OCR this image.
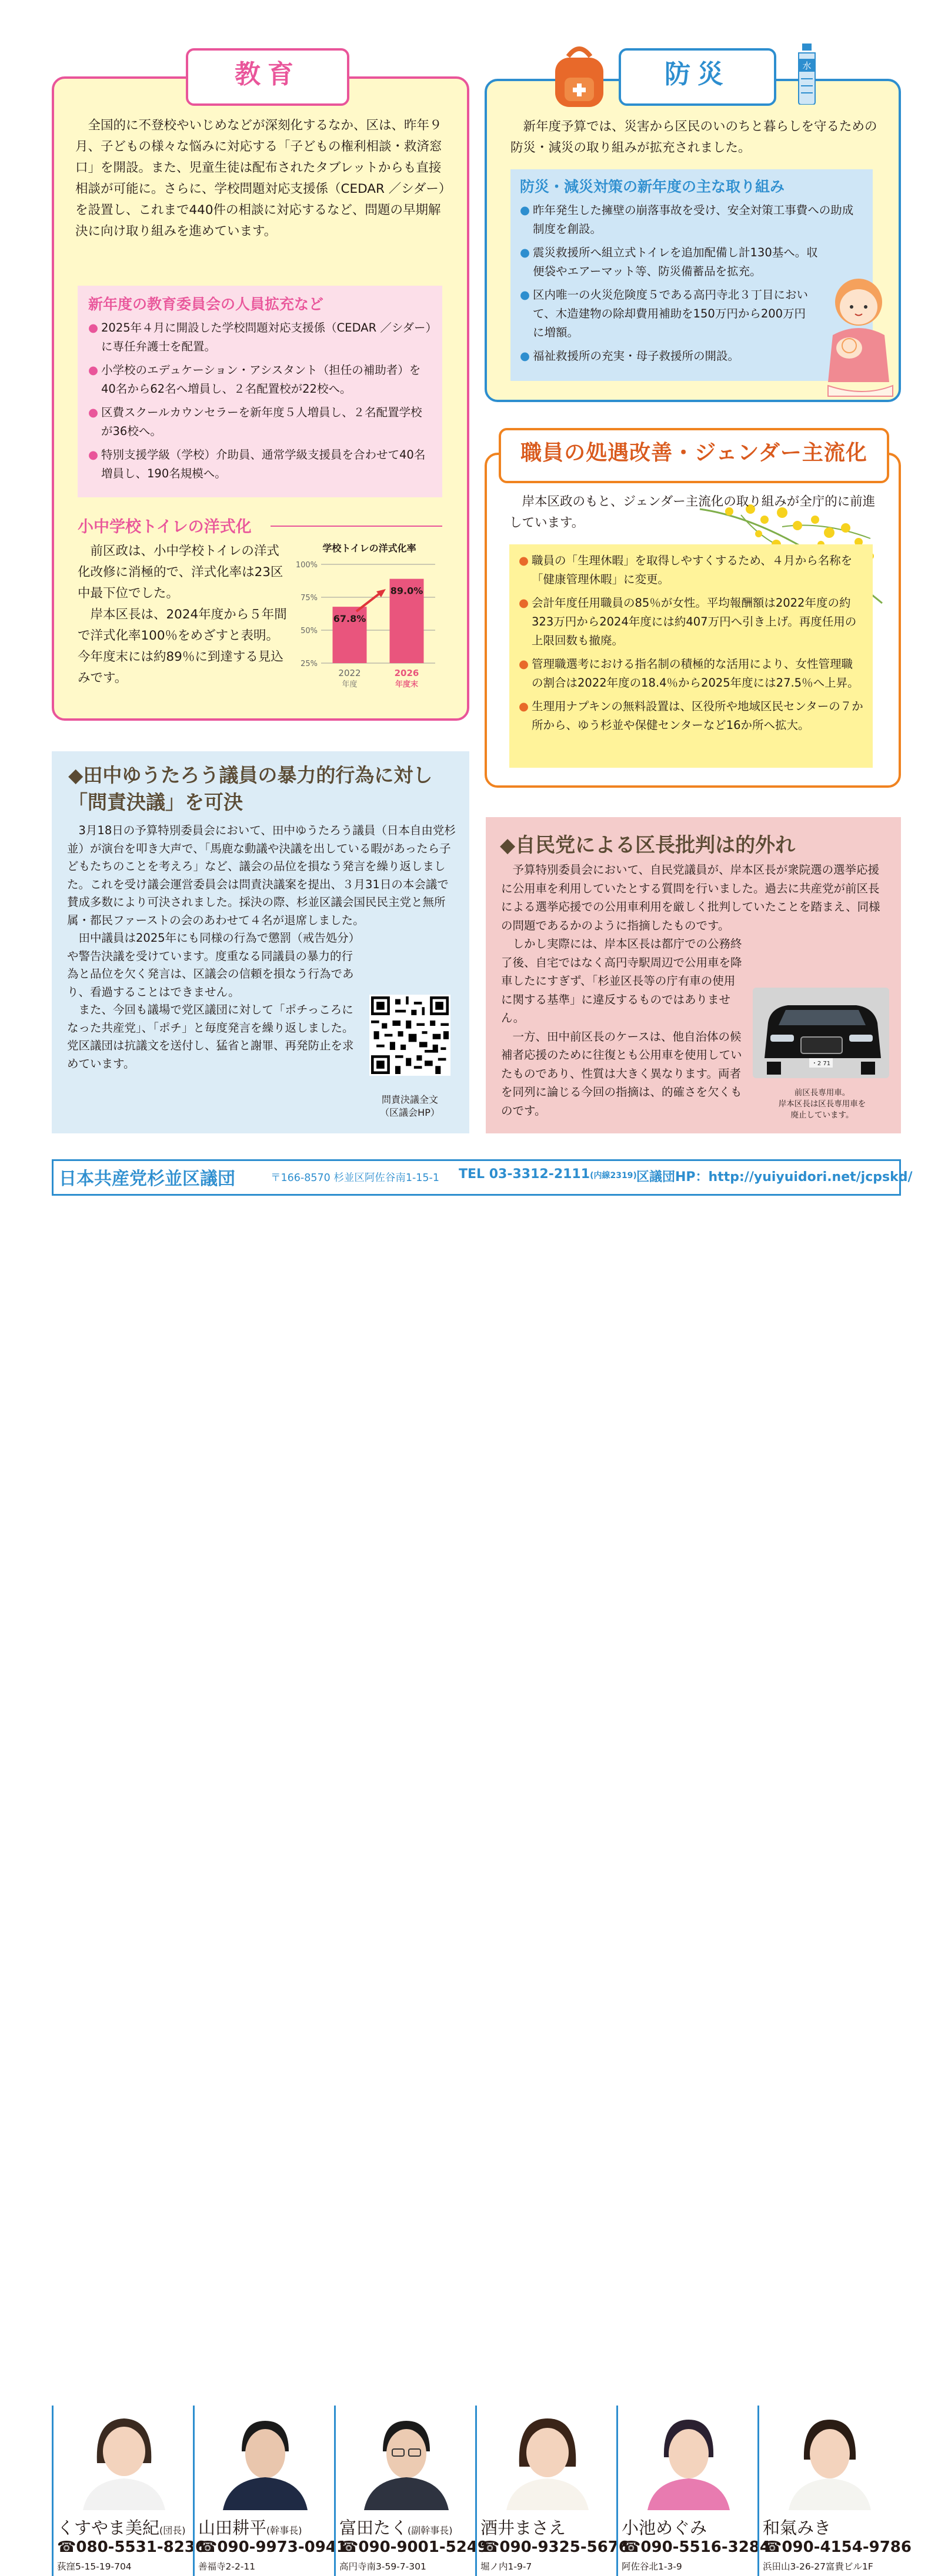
教育

　全国的に不登校やいじめなどが深刻化するなか、区は、昨年９月、子どもの様々な悩みに対応する「子どもの権利相談・救済窓口」を開設。また、児童生徒は配布されたタブレットからも直接相談が可能に。さらに、学校問題対応支援係（CEDAR ／シダー）を設置し、これまで440件の相談に対応するなど、問題の早期解決に向け取り組みを進めています。

新年度の教育委員会の人員拡充など

● 2025年４月に開設した学校問題対応支援係（CEDAR ／シダー）に専任弁護士を配置。

● 小学校のエデュケーション・アシスタント（担任の補助者）を40名から62名へ増員し、２名配置校が22校へ。

● 区費スクールカウンセラーを新年度５人増員し、２名配置学校が36校へ。

● 特別支援学級（学校）介助員、通常学級支援員を合わせて40名増員し、190名規模へ。

小中学校トイレの洋式化

　前区政は、小中学校トイレの洋式化改修に消極的で、洋式化率は23区中最下位でした。

　岸本区長は、2024年度から５年間で洋式化率100％をめざすと表明。今年度末には約89％に到達する見込みです。

学校トイレの洋式化率
25%
50%
75%
100%
67.8%
89.0%
2022
年度
2026
年度末
防災	水

　新年度予算では、災害から区民のいのちと暮らしを守るための防災・減災の取り組みが拡充されました。

防災・減災対策の新年度の主な取り組み

● 昨年発生した擁壁の崩落事故を受け、安全対策工事費への助成制度を創設。

● 震災救援所へ組立式トイレを追加配備し計130基へ。収便袋やエアーマット等、防災備蓄品を拡充。

● 区内唯一の火災危険度５である高円寺北３丁目において、木造建物の除却費用補助を150万円から200万円に増額。

● 福祉救援所の充実・母子救援所の開設。

職員の処遇改善・ジェンダー主流化

　岸本区政のもと、ジェンダー主流化の取り組みが全庁的に前進しています。

● 職員の「生理休暇」を取得しやすくするため、４月から名称を「健康管理休暇」に変更。

● 会計年度任用職員の85％が女性。平均報酬額は2022年度の約323万円から2024年度には約407万円へ引き上げ。再度任用の上限回数も撤廃。

● 管理職選考における指名制の積極的な活用により、女性管理職の割合は2022年度の18.4％から2025年度には27.5％へ上昇。

● 生理用ナプキンの無料設置は、区役所や地域区民センターの７か所から、ゆう杉並や保健センターなど16か所へ拡大。

◆田中ゆうたろう議員の暴力的行為に対し
「問責決議」を可決

　3月18日の予算特別委員会において、田中ゆうたろう議員（日本自由党杉並）が演台を叩き大声で、「馬鹿な動議や決議を出している暇があったら子どもたちのことを考えろ」など、議会の品位を損なう発言を繰り返しました。これを受け議会運営委員会は問責決議案を提出、３月31日の本会議で賛成多数により可決されました。採決の際、杉並区議会国民民主党と無所属・都民ファーストの会のあわせて４名が退席しました。

　田中議員は2025年にも同様の行為で懲罰（戒告処分）や警告決議を受けています。度重なる同議員の暴力的行為と品位を欠く発言は、区議会の信頼を損なう行為であり、看過することはできません。

　また、今回も議場で党区議団に対して「ポチっころになった共産党」、「ポチ」と毎度発言を繰り返しました。党区議団は抗議文を送付し、猛省と謝罪、再発防止を求めています。

問責決議全文
（区議会HP）
◆自民党による区長批判は的外れ

　予算特別委員会において、自民党議員が、岸本区長が衆院選の選挙応援に公用車を利用していたとする質問を行いました。過去に共産党が前区長による選挙応援での公用車利用を厳しく批判していたことを踏まえ、同様の問題であるかのように指摘したものです。

　しかし実際には、岸本区長は都庁での公務終了後、自宅ではなく高円寺駅周辺で公用車を降車したにすぎず、「杉並区長等の庁有車の使用に関する基準」に違反するものではありません。

　一方、田中前区長のケースは、他自治体の候補者応援のために往復とも公用車を使用していたものであり、性質は大きく異なります。両者を同列に論じる今回の指摘は、的確さを欠くものです。

・2 71
前区長専用車。
岸本区長は区長専用車を
廃止しています。
日本共産党杉並区議団	〒166-8570 杉並区阿佐谷南1-15-1 TEL 03-3312-2111(内線2319) 区議団HP：http://yuiyuidori.net/jcpskd/
くすやま美紀(団長)
☎080-5531-8236
荻窪5-15-19-704
山田耕平(幹事長)
☎090-9973-0941
善福寺2-2-11
富田たく(副幹事長)
☎090-9001-5249
高円寺南3-59-7-301
酒井まさえ
☎090-9325-5676
堀ノ内1-9-7
小池めぐみ
☎090-5516-3284
阿佐谷北1-3-9
和氣みき
☎090-4154-9786
浜田山3-26-27富貴ビル1F
